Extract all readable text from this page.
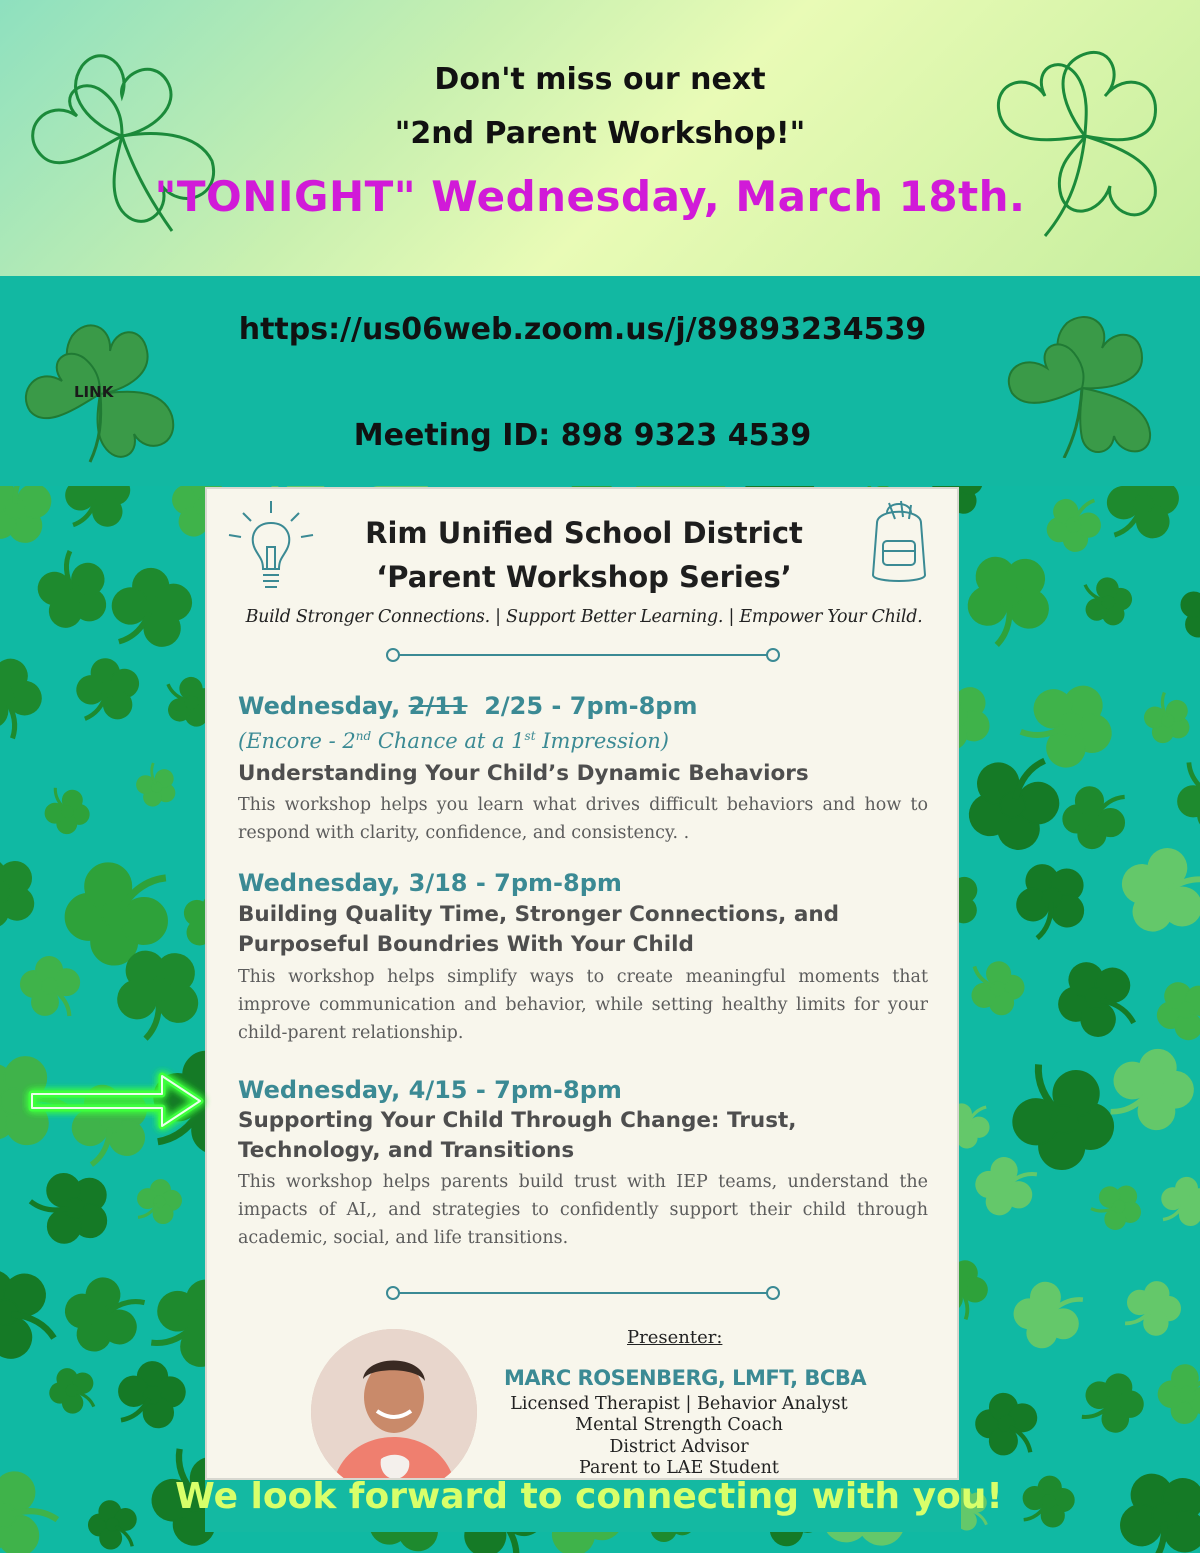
LINK
Don't miss our next
"2nd Parent Workshop!"
"TONIGHT" Wednesday, March 18th.
https://us06web.zoom.us/j/89893234539
Meeting ID: 898 9323 4539
Rim Unified School District
‘Parent Workshop Series’
Build Stronger Connections. | Support Better Learning. | Empower Your Child.
Wednesday, 2/11  2/25 - 7pm-8pm
(Encore - 2nd Chance at a 1st Impression)
Understanding Your Child’s Dynamic Behaviors
This workshop helps you learn what drives difficult behaviors and how to respond with clarity, confidence, and consistency. .
Wednesday, 3/18 - 7pm-8pm
Building Quality Time, Stronger Connections, and Purposeful Boundries With Your Child
This workshop helps simplify ways to create meaningful moments that improve communication and behavior, while setting healthy limits for your child-parent relationship.
Wednesday, 4/15 - 7pm-8pm
Supporting Your Child Through Change: Trust, Technology, and Transitions
This workshop helps parents build trust with IEP teams, understand the impacts of AI,, and strategies to confidently support their child through academic, social, and life transitions.
Presenter:
MARC ROSENBERG, LMFT, BCBA
Licensed Therapist | Behavior Analyst
Mental Strength Coach
District Advisor
Parent to LAE Student
We look forward to connecting with you!
